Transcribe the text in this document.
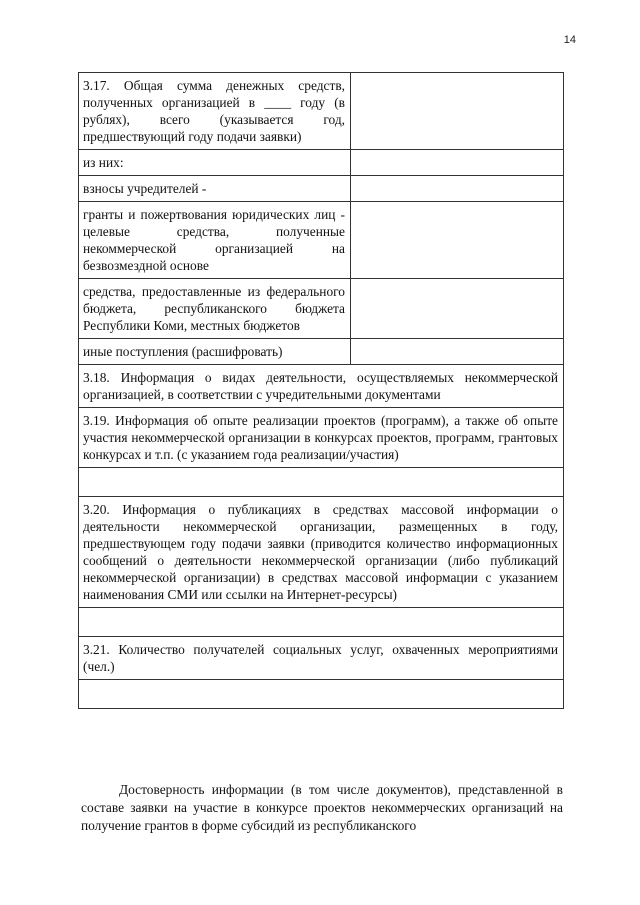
14
3.17. Общая сумма денежных средств, полученных организацией в ____ году (в рублях), всего (указывается год, предшествующий году подачи заявки)	

из них:	

взносы учредителей -	

гранты и пожертвования юридических лиц - целевые средства, полученные некоммерческой организацией на безвозмездной основе	

средства, предоставленные из федерального бюджета, республиканского бюджета Республики Коми, местных бюджетов	

иные поступления (расшифровать)	

3.18. Информация о видах деятельности, осуществляемых некоммерческой организацией, в соответствии с учредительными документами	

3.19. Информация об опыте реализации проектов (программ), а также об опыте участия некоммерческой организации в конкурсах проектов, программ, грантовых конкурсах и т.п. (с указанием года реализации/участия)	

3.20. Информация о публикациях в средствах массовой информации о деятельности некоммерческой организации, размещенных в году, предшествующем году подачи заявки (приводится количество информационных сообщений о деятельности некоммерческой организации (либо публикаций некоммерческой организации) в средствах массовой информации с указанием наименования СМИ или ссылки на Интернет-ресурсы)	

3.21. Количество получателей социальных услуг, охваченных мероприятиями (чел.)	

Достоверность информации (в том числе документов), представленной в составе заявки на участие в конкурсе проектов некоммерческих организаций на получение грантов в форме субсидий из республиканского
